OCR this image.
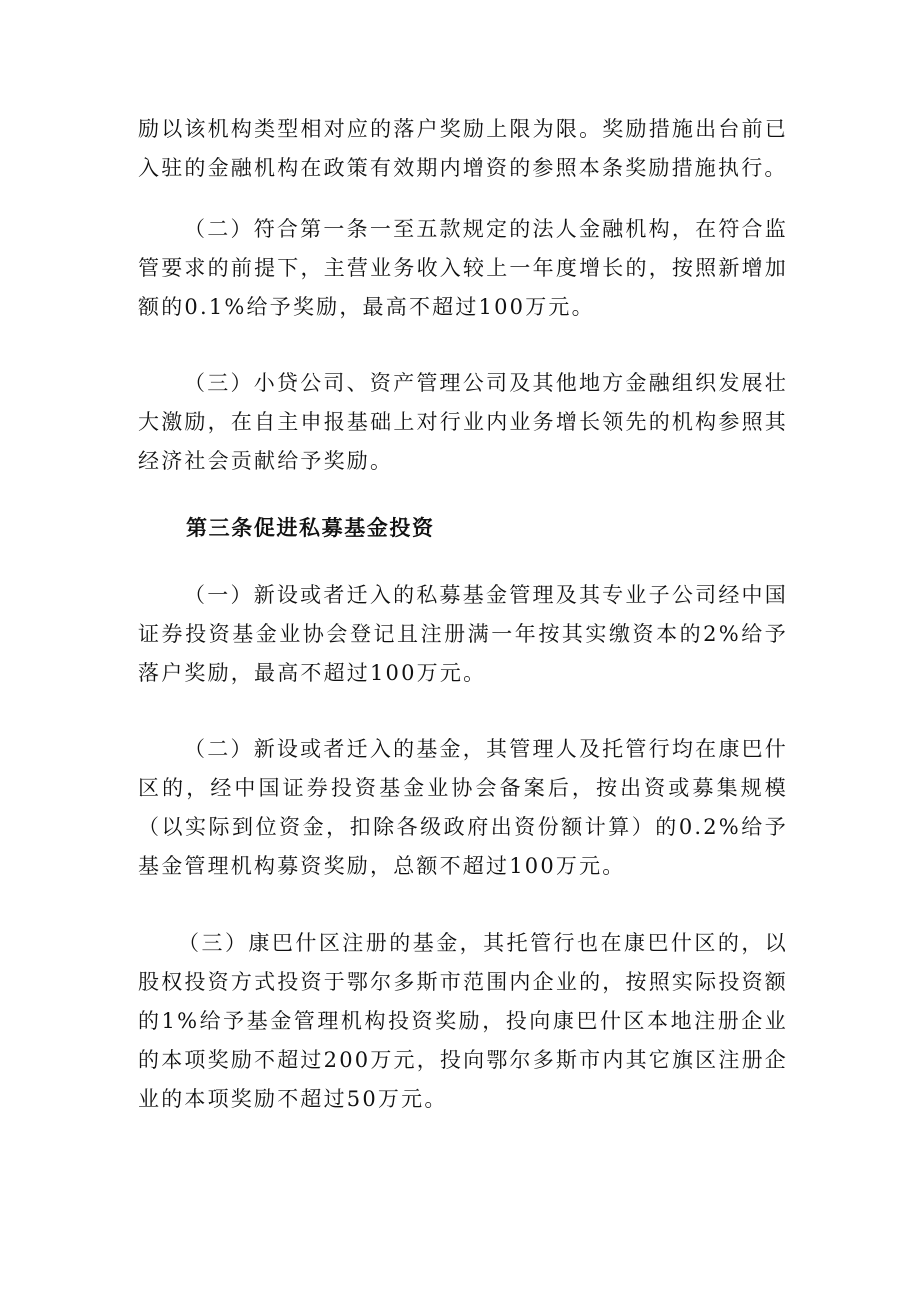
励以该机构类型相对应的落户奖励上限为限。奖励措施出台前已入驻的金融机构在政策有效期内增资的参照本条奖励措施执行。

（二）符合第一条一至五款规定的法人金融机构，在符合监管要求的前提下，主营业务收入较上一年度增长的，按照新增加额的0.1%给予奖励，最高不超过100万元。

（三）小贷公司、资产管理公司及其他地方金融组织发展壮大激励，在自主申报基础上对行业内业务增长领先的机构参照其经济社会贡献给予奖励。

第三条促进私募基金投资

（一）新设或者迁入的私募基金管理及其专业子公司经中国证券投资基金业协会登记且注册满一年按其实缴资本的2%给予落户奖励，最高不超过100万元。

（二）新设或者迁入的基金，其管理人及托管行均在康巴什区的，经中国证券投资基金业协会备案后，按出资或募集规模（以实际到位资金，扣除各级政府出资份额计算）的0.2%给予基金管理机构募资奖励，总额不超过100万元。

（三）康巴什区注册的基金，其托管行也在康巴什区的，以股权投资方式投资于鄂尔多斯市范围内企业的，按照实际投资额的1%给予基金管理机构投资奖励，投向康巴什区本地注册企业的本项奖励不超过200万元，投向鄂尔多斯市内其它旗区注册企业的本项奖励不超过50万元。
